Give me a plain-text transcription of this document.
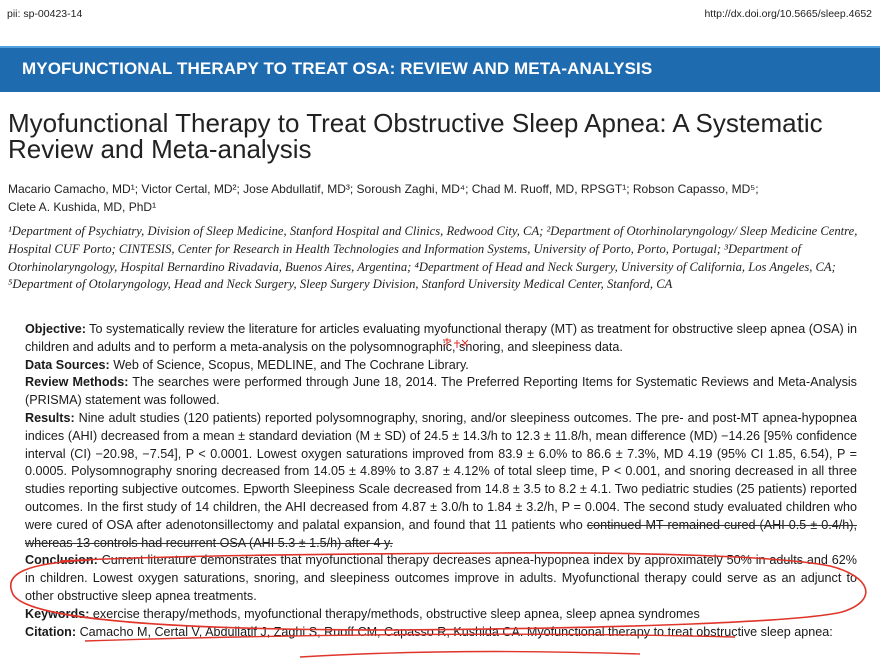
pii: sp-00423-14	http://dx.doi.org/10.5665/sleep.4652
MYOFUNCTIONAL THERAPY TO TREAT OSA: REVIEW AND META-ANALYSIS
Myofunctional Therapy to Treat Obstructive Sleep Apnea: A Systematic Review and Meta-analysis
Macario Camacho, MD¹; Victor Certal, MD²; Jose Abdullatif, MD³; Soroush Zaghi, MD⁴; Chad M. Ruoff, MD, RPSGT¹; Robson Capasso, MD⁵;
Clete A. Kushida, MD, PhD¹

¹Department of Psychiatry, Division of Sleep Medicine, Stanford Hospital and Clinics, Redwood City, CA; ²Department of Otorhinolaryngology/ Sleep Medicine Centre, Hospital CUF Porto; CINTESIS, Center for Research in Health Technologies and Information Systems, University of Porto, Porto, Portugal; ³Department of Otorhinolaryngology, Hospital Bernardino Rivadavia, Buenos Aires, Argentina; ⁴Department of Head and Neck Surgery, University of California, Los Angeles, CA; ⁵Department of Otolaryngology, Head and Neck Surgery, Sleep Surgery Division, Stanford University Medical Center, Stanford, CA

Objective: To systematically review the literature for articles evaluating myofunctional therapy (MT) as treatment for obstructive sleep apnea (OSA) in children and adults and to perform a meta-analysis on the polysomnographic, snoring, and sleepiness data.

Data Sources: Web of Science, Scopus, MEDLINE, and The Cochrane Library.

Review Methods: The searches were performed through June 18, 2014. The Preferred Reporting Items for Systematic Reviews and Meta-Analysis (PRISMA) statement was followed.

Results: Nine adult studies (120 patients) reported polysomnography, snoring, and/or sleepiness outcomes. The pre- and post-MT apnea-hypopnea indices (AHI) decreased from a mean ± standard deviation (M ± SD) of 24.5 ± 14.3/h to 12.3 ± 11.8/h, mean difference (MD) −14.26 [95% confidence interval (CI) −20.98, −7.54], P < 0.0001. Lowest oxygen saturations improved from 83.9 ± 6.0% to 86.6 ± 7.3%, MD 4.19 (95% CI 1.85, 6.54), P = 0.0005. Polysomnography snoring decreased from 14.05 ± 4.89% to 3.87 ± 4.12% of total sleep time, P < 0.001, and snoring decreased in all three studies reporting subjective outcomes. Epworth Sleepiness Scale decreased from 14.8 ± 3.5 to 8.2 ± 4.1. Two pediatric studies (25 patients) reported outcomes. In the first study of 14 children, the AHI decreased from 4.87 ± 3.0/h to 1.84 ± 3.2/h, P = 0.004. The second study evaluated children who were cured of OSA after adenotonsillectomy and palatal expansion, and found that 11 patients who continued MT remained cured (AHI 0.5 ± 0.4/h), whereas 13 controls had recurrent OSA (AHI 5.3 ± 1.5/h) after 4 y.

Conclusion: Current literature demonstrates that myofunctional therapy decreases apnea-hypopnea index by approximately 50% in adults and 62% in children. Lowest oxygen saturations, snoring, and sleepiness outcomes improve in adults. Myofunctional therapy could serve as an adjunct to other obstructive sleep apnea treatments.

Keywords: exercise therapy/methods, myofunctional therapy/methods, obstructive sleep apnea, sleep apnea syndromes

Citation: Camacho M, Certal V, Abdullatif J, Zaghi S, Ruoff CM, Capasso R, Kushida CA. Myofunctional therapy to treat obstructive sleep apnea:
